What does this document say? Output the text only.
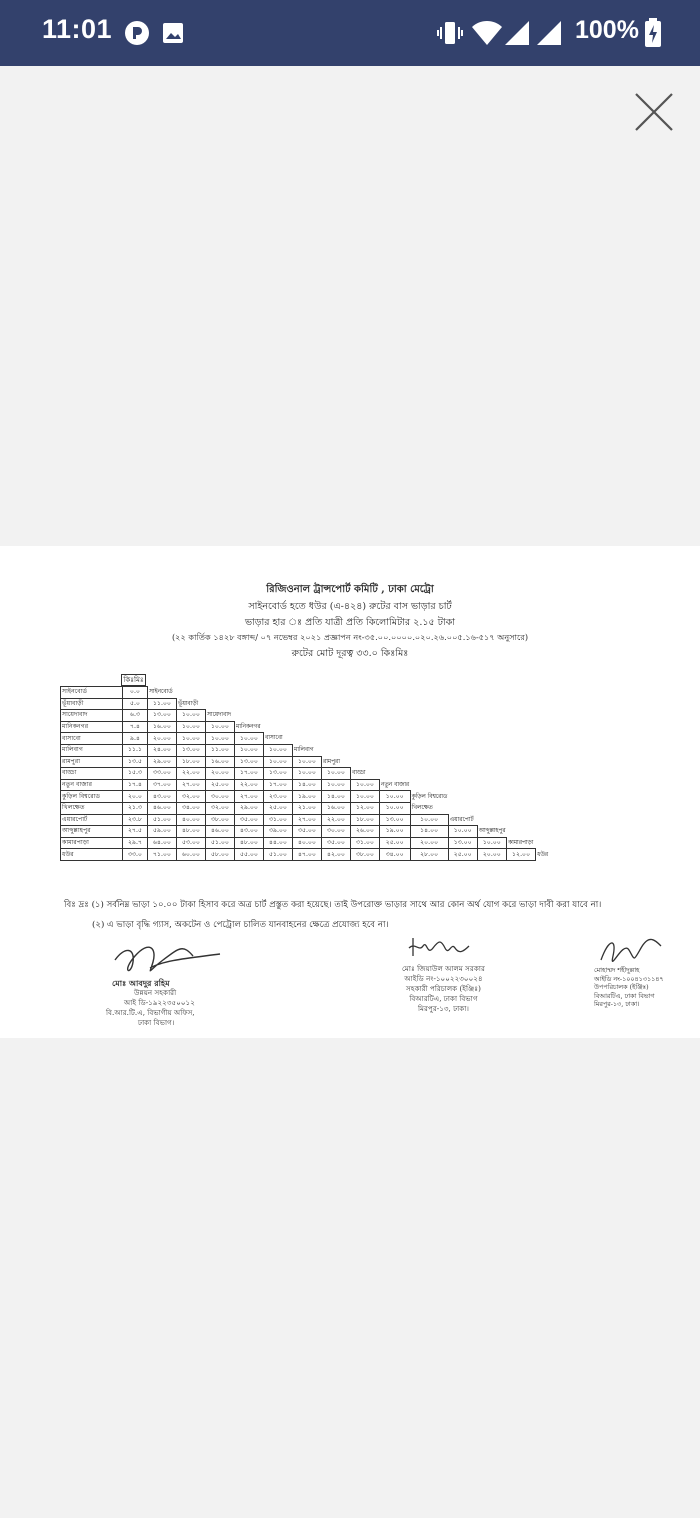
11:01	100%
রিজিওনাল ট্রান্সপোর্ট কমিটি , ঢাকা মেট্রো
সাইনবোর্ড হতে ধউর (এ-৪২৪) রুটের বাস ভাড়ার চার্ট
ভাড়ার হার ঃ প্রতি যাত্রী প্রতি কিলোমিটার ২.১৫ টাকা
(২২ কার্তিক ১৪২৮ বঙ্গাব্দ/ ০৭ নভেম্বর ২০২১ প্রজ্ঞাপন নং-৩৫.০০.০০০০.০২০.২৬.০০৫.১৬-৫১৭ অনুসারে)
রুটের মোট দূরত্ব ৩৩.০ কিঃমিঃ
কিঃমিঃ
সাইনবোর্ড	০.০	সাইনবোর্ড													
ভূঁয়াবাড়ী	৫.০	১১.০০	ভূঁয়াবাড়ী												
সায়েদাবাদ	৬.৩	১৩.০০	১০.০০	সায়েদাবাদ											
মানিকনগর	৭.৪	১৬.০০	১০.০০	১০.০০	মানিকনগর										
বাসাবো	৯.৪	২০.০০	১০.০০	১০.০০	১০.০০	বাসাবো									
মালিবাগ	১১.১	২৪.০০	১৩.০০	১১.০০	১০.০০	১০.০০	মালিবাগ								
রামপুরা	১৩.৫	২৯.০০	১৮.০০	১৬.০০	১৩.০০	১০.০০	১০.০০	রামপুরা							
বাড্ডা	১৫.৩	৩৩.০০	২২.০০	২০.০০	১৭.০০	১৩.০০	১০.০০	১০.০০	বাড্ডা						
নতুন বাজার	১৭.৪	৩৭.০০	২৭.০০	২৫.০০	২২.০০	১৭.০০	১৪.০০	১০.০০	১০.০০	নতুন বাজার					
কুড়িল বিশ্বরোড	২০.০	৪৩.০০	৩২.০০	৩০.০০	২৭.০০	২৩.০০	১৯.০০	১৪.০০	১০.০০	১০.০০	কুড়িল বিশ্বরোড				
খিলক্ষেত	২১.৩	৪৬.০০	৩৪.০০	৩২.০০	২৯.০০	২৫.০০	২১.০০	১৬.০০	১২.০০	১০.০০	খিলক্ষেত				
এয়ারপোর্ট	২৩.৮	৫১.০০	৪০.০০	৩৮.০০	৩৫.০০	৩১.০০	২৭.০০	২২.০০	১৮.০০	১৩.০০	১০.০০	এয়ারপোর্ট			
আব্দুল্লাহপুর	২৭.৫	৫৯.০০	৪৮.০০	৪৬.০০	৪৩.০০	৩৯.০০	৩৫.০০	৩০.০০	২৬.০০	১৯.০০	১৪.০০	১০.০০	আব্দুল্লাহপুর		
কামারপাড়া	২৯.৭	৬৪.০০	৫৩.০০	৫১.০০	৪৮.০০	৪৪.০০	৪০.০০	৩৫.০০	৩১.০০	২৫.০০	২০.০০	১৩.০০	১০.০০	কামারপাড়া	
ধউর	৩৩.০	৭১.০০	৬০.০০	৫৮.০০	৫৫.০০	৫১.০০	৪৭.০০	৪২.০০	৩৮.০০	৩৪.০০	২৮.০০	২৫.০০	২০.০০	১২.০০	ধউর
বিঃ দ্রঃ (১) সর্বনিম্ন ভাড়া ১০.০০ টাকা হিসাব করে অত্র চার্ট প্রস্তুত করা হয়েছে। তাই উপরোক্ত ভাড়ার সাথে আর কোন অর্থ যোগ করে ভাড়া দাবী করা যাবে না।
(২) এ ভাড়া বৃদ্ধি গ্যাস, অকটেন ও পেট্রোল চালিত যানবাহনের ক্ষেত্রে প্রযোজ্য হবে না।
মোঃ আবদুর রহিম
উন্নয়ন সহকারী
আই ডি-১৯২২৩৫০০১২
বি.আর.টি.এ, বিভাগীয় অফিস,
ঢাকা বিভাগ।
মোঃ জিয়াউল আলম সরকার
আইডি নং-১০০২২৩০০২৪
সহকারী পরিচালক (ইঞ্জিঃ)
বিআরটিএ, ঢাকা বিভাগ
মিরপুর-১৩, ঢাকা।
মোহাম্মদ শহীদুল্লাহ
আইডি নং-১০০৪১৩১১৪৭
উপপরিচালক (ইঞ্জিঃ)
বিআরটিএ, ঢাকা বিভাগ
মিরপুর-১৩, ঢাকা।
